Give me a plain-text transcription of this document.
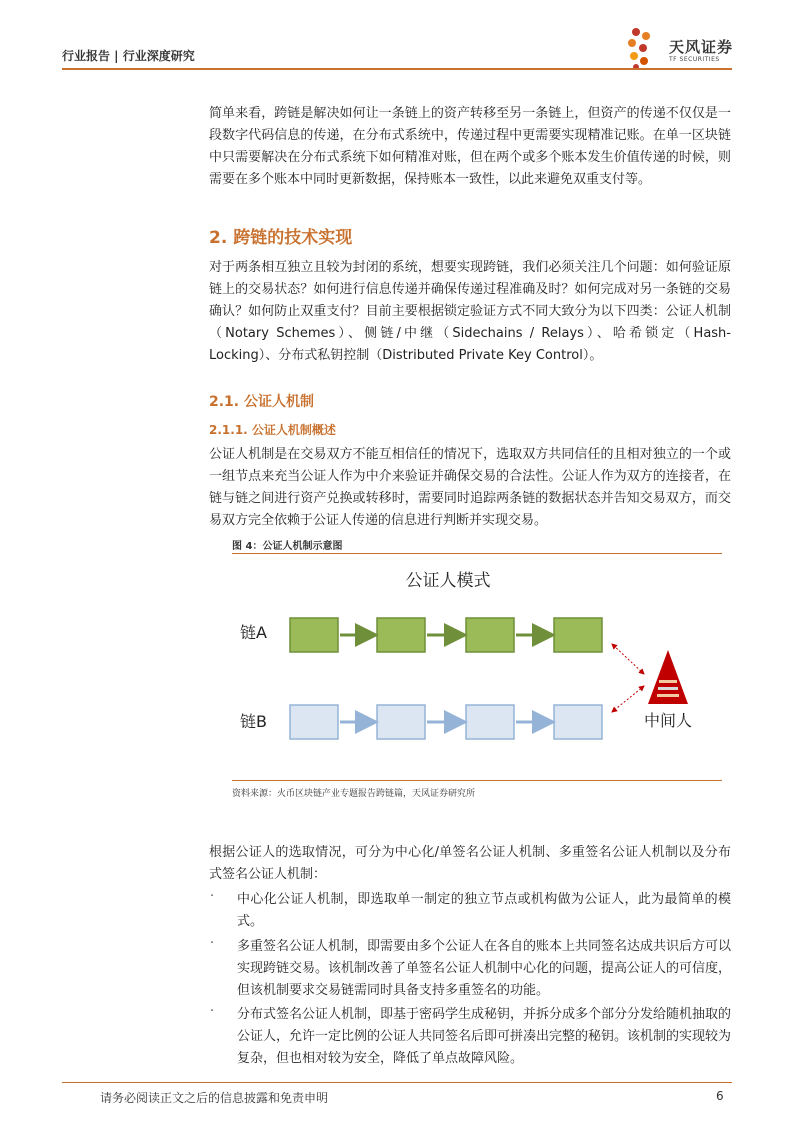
行业报告 | 行业深度研究	天风证券
TF SECURITIES
简单来看，跨链是解决如何让一条链上的资产转移至另一条链上，但资产的传递不仅仅是一段数字代码信息的传递，在分布式系统中，传递过程中更需要实现精准记账。在单一区块链中只需要解决在分布式系统下如何精准对账，但在两个或多个账本发生价值传递的时候，则需要在多个账本中同时更新数据，保持账本一致性，以此来避免双重支付等。
2. 跨链的技术实现
对于两条相互独立且较为封闭的系统，想要实现跨链，我们必须关注几个问题：如何验证原链上的交易状态？如何进行信息传递并确保传递过程准确及时？如何完成对另一条链的交易确认？如何防止双重支付？目前主要根据锁定验证方式不同大致分为以下四类：公证人机制（Notary Schemes）、侧链/中继（Sidechains / Relays）、哈希锁定（Hash-Locking）、分布式私钥控制（Distributed Private Key Control）。
2.1. 公证人机制
2.1.1. 公证人机制概述
公证人机制是在交易双方不能互相信任的情况下，选取双方共同信任的且相对独立的一个或一组节点来充当公证人作为中介来验证并确保交易的合法性。公证人作为双方的连接者，在链与链之间进行资产兑换或转移时，需要同时追踪两条链的数据状态并告知交易双方，而交易双方完全依赖于公证人传递的信息进行判断并实现交易。
图 4：公证人机制示意图
公证人模式
链A
链B	中间人
资料来源：火币区块链产业专题报告跨链篇，天风证券研究所
根据公证人的选取情况，可分为中心化/单签名公证人机制、多重签名公证人机制以及分布式签名公证人机制：
· 中心化公证人机制，即选取单一制定的独立节点或机构做为公证人，此为最简单的模式。
· 多重签名公证人机制，即需要由多个公证人在各自的账本上共同签名达成共识后方可以实现跨链交易。该机制改善了单签名公证人机制中心化的问题，提高公证人的可信度，但该机制要求交易链需同时具备支持多重签名的功能。
· 分布式签名公证人机制，即基于密码学生成秘钥，并拆分成多个部分分发给随机抽取的公证人，允许一定比例的公证人共同签名后即可拼凑出完整的秘钥。该机制的实现较为复杂，但也相对较为安全，降低了单点故障风险。
请务必阅读正文之后的信息披露和免责申明	6
